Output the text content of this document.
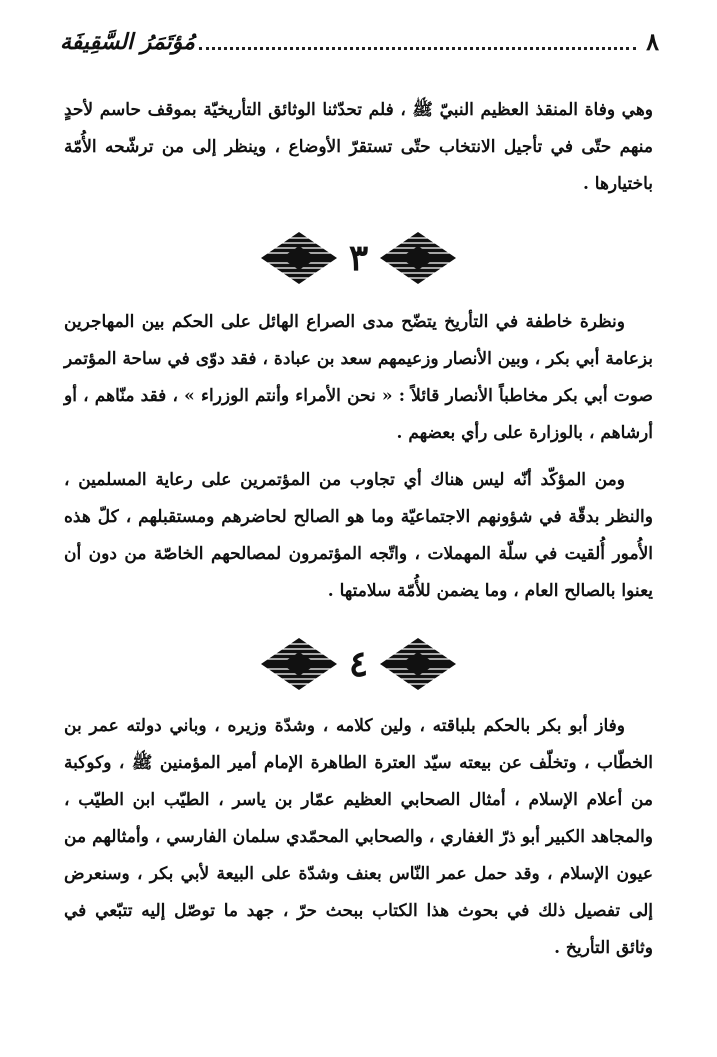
٨
مُؤتَمَرُ السَّقِيفَة

وهي وفاة المنقذ العظيم النبيّ ﷺ ، فلم تحدّثنا الوثائق التأريخيّة بموقف حاسم لأحدٍ منهم حتّى في تأجيل الانتخاب حتّى تستقرّ الأوضاع ، وينظر إلى من ترشّحه الأُمّة باختيارها .

٣

ونظرة خاطفة في التأريخ يتضّح مدى الصراع الهائل على الحكم بين المهاجرين بزعامة أبي بكر ، وبين الأنصار وزعيمهم سعد بن عبادة ، فقد دوّى في ساحة المؤتمر صوت أبي بكر مخاطباً الأنصار قائلاً : « نحن الأمراء وأنتم الوزراء » ، فقد منّاهم ، أو أرشاهم ، بالوزارة على رأي بعضهم .

ومن المؤكّد أنّه ليس هناك أي تجاوب من المؤتمرين على رعاية المسلمين ، والنظر بدقّة في شؤونهم الاجتماعيّة وما هو الصالح لحاضرهم ومستقبلهم ، كلّ هذه الأُمور أُلقيت في سلّة المهملات ، واتّجه المؤتمرون لمصالحهم الخاصّة من دون أن يعنوا بالصالح العام ، وما يضمن للأُمّة سلامتها .

٤

وفاز أبو بكر بالحكم بلباقته ، ولين كلامه ، وشدّة وزيره ، وباني دولته عمر بن الخطّاب ، وتخلّف عن بيعته سيّد العترة الطاهرة الإمام أمير المؤمنين ﷺ ، وكوكبة من أعلام الإسلام ، أمثال الصحابي العظيم عمّار بن ياسر ، الطيّب ابن الطيّب ، والمجاهد الكبير أبو ذرّ الغفاري ، والصحابي المحمّدي سلمان الفارسي ، وأمثالهم من عيون الإسلام ، وقد حمل عمر النّاس بعنف وشدّة على البيعة لأبي بكر ، وسنعرض إلى تفصيل ذلك في بحوث هذا الكتاب ببحث حرّ ، جهد ما توصّل إليه تتبّعي في وثائق التأريخ .
